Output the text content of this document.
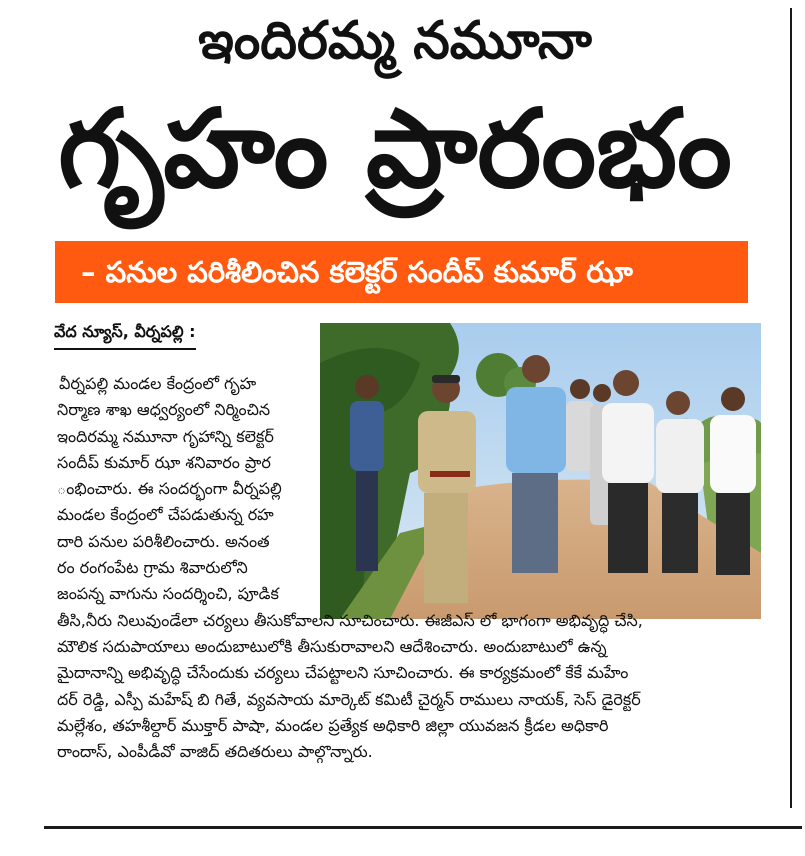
ఇందిరమ్మ నమూనా
గృహం ప్రారంభం
– పనుల పరిశీలించిన కలెక్టర్ సందీప్ కుమార్ ఝా
వేద న్యూస్, వీర్నపల్లి :
వీర్నపల్లి మండల కేంద్రంలో గృహ
నిర్మాణ శాఖ ఆధ్వర్యంలో నిర్మించిన
ఇందిరమ్మ నమూనా గృహాన్ని కలెక్టర్
సందీప్ కుమార్ ఝా శనివారం ప్రార
ంభించారు. ఈ సందర్భంగా వీర్నపల్లి
మండల కేంద్రంలో చేపడుతున్న రహ
దారి పనుల పరిశీలించారు. అనంత
రం రంగంపేట గ్రామ శివారులోని
జంపన్న వాగును సందర్శించి, పూడిక
తీసి,నీరు నిలువుండేలా చర్యలు తీసుకోవాలని సూచించారు. ఈజీఎస్ లో భాగంగా అభివృద్ధి చేసి,
మౌలిక సదుపాయాలు అందుబాటులోకి తీసుకురావాలని ఆదేశించారు. అందుబాటులో ఉన్న
మైదానాన్ని అభివృద్ధి చేసేందుకు చర్యలు చేపట్టాలని సూచించారు. ఈ కార్యక్రమంలో కేకే మహేం
దర్ రెడ్డి, ఎస్పీ మహేష్ బి గితే, వ్యవసాయ మార్కెట్ కమిటీ చైర్మన్ రాములు నాయక్, సెస్ డైరెక్టర్
మల్లేశం, తహశీల్దార్ ముక్తార్ పాషా, మండల ప్రత్యేక అధికారి జిల్లా యువజన క్రీడల అధికారి
రాందాస్, ఎంపీడీవో వాజిద్ తదితరులు పాల్గొన్నారు.
